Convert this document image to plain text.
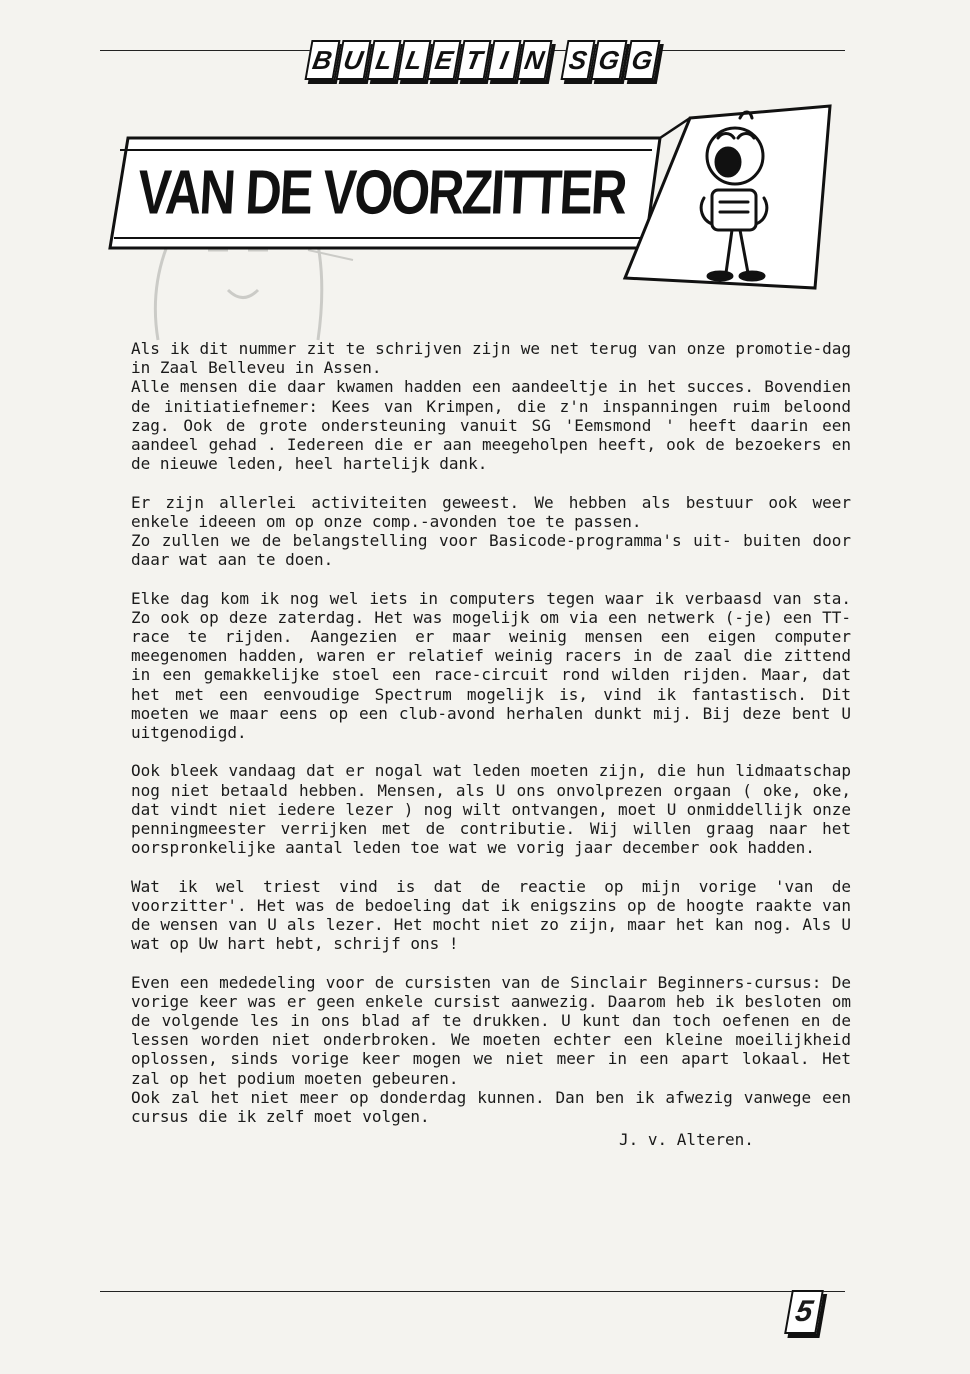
B U L L E T I N S G G
VAN DE VOORZITTER

Als ik dit nummer zit te schrijven zijn we net terug van onze promotie-dag in Zaal Belleveu in Assen.
Alle mensen die daar kwamen hadden een aandeeltje in het succes. Bovendien de initiatiefnemer: Kees van Krimpen, die z'n inspanningen ruim beloond zag. Ook de grote ondersteuning vanuit SG 'Eemsmond ' heeft daarin een aandeel gehad . Iedereen die er aan meegeholpen heeft, ook de bezoekers en de nieuwe leden, heel hartelijk dank.

Er zijn allerlei activiteiten geweest. We hebben als bestuur ook weer enkele ideeen om op onze comp.-avonden toe te passen.
Zo zullen we de belangstelling voor Basicode-programma's uit- buiten door daar wat aan te doen.

Elke dag kom ik nog wel iets in computers tegen waar ik verbaasd van sta. Zo ook op deze zaterdag. Het was mogelijk om via een netwerk (-je) een TT-race te rijden. Aangezien er maar weinig mensen een eigen computer meegenomen hadden, waren er relatief weinig racers in de zaal die zittend in een gemakkelijke stoel een race-circuit rond wilden rijden. Maar, dat het met een eenvoudige Spectrum mogelijk is, vind ik fantastisch. Dit moeten we maar eens op een club-avond herhalen dunkt mij. Bij deze bent U uitgenodigd.

Ook bleek vandaag dat er nogal wat leden moeten zijn, die hun lidmaatschap nog niet betaald hebben. Mensen, als U ons onvolprezen orgaan ( oke, oke, dat vindt niet iedere lezer ) nog wilt ontvangen, moet U onmiddellijk onze penningmeester verrijken met de contributie. Wij willen graag naar het oorspronkelijke aantal leden toe wat we vorig jaar december ook hadden.

Wat ik wel triest vind is dat de reactie op mijn vorige 'van de voorzitter'. Het was de bedoeling dat ik enigszins op de hoogte raakte van de wensen van U als lezer. Het mocht niet zo zijn, maar het kan nog. Als U wat op Uw hart hebt, schrijf ons !

Even een mededeling voor de cursisten van de Sinclair Beginners-cursus: De vorige keer was er geen enkele cursist aanwezig. Daarom heb ik besloten om de volgende les in ons blad af te drukken. U kunt dan toch oefenen en de lessen worden niet onderbroken. We moeten echter een kleine moeilijkheid oplossen, sinds vorige keer mogen we niet meer in een apart lokaal. Het zal op het podium moeten gebeuren.
Ook zal het niet meer op donderdag kunnen. Dan ben ik afwezig vanwege een cursus die ik zelf moet volgen.

J. v. Alteren.
5
